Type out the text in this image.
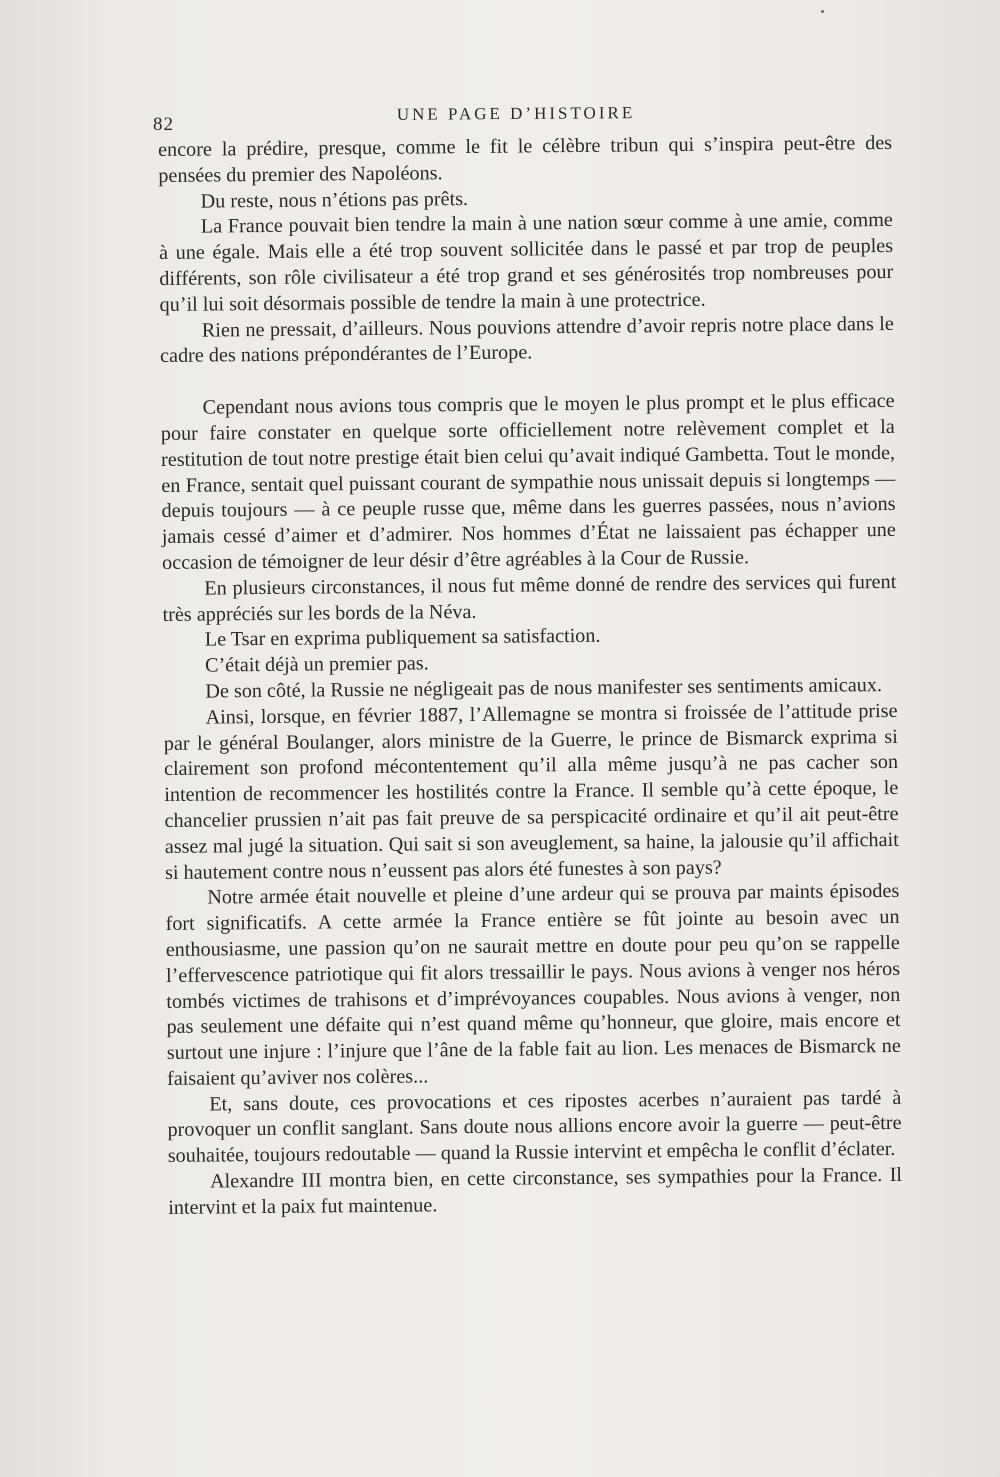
82
UNE PAGE D’HISTOIRE

encore la prédire, presque, comme le fit le célèbre tribun qui s’inspira peut-être des pensées du premier des Napoléons.

Du reste, nous n’étions pas prêts.

La France pouvait bien tendre la main à une nation sœur comme à une amie, comme à une égale. Mais elle a été trop souvent sollicitée dans le passé et par trop de peuples différents, son rôle civilisateur a été trop grand et ses générosités trop nombreuses pour qu’il lui soit désormais possible de tendre la main à une protectrice.

Rien ne pressait, d’ailleurs. Nous pouvions attendre d’avoir repris notre place dans le cadre des nations prépondérantes de l’Europe.

Cependant nous avions tous compris que le moyen le plus prompt et le plus efficace pour faire constater en quelque sorte officiellement notre relèvement complet et la restitution de tout notre prestige était bien celui qu’avait indiqué Gambetta. Tout le monde, en France, sentait quel puissant courant de sympathie nous unissait depuis si longtemps — depuis toujours — à ce peuple russe que, même dans les guerres passées, nous n’avions jamais cessé d’aimer et d’admirer. Nos hommes d’État ne laissaient pas échapper une occasion de témoigner de leur désir d’être agréables à la Cour de Russie.

En plusieurs circonstances, il nous fut même donné de rendre des services qui furent très appréciés sur les bords de la Néva.

Le Tsar en exprima publiquement sa satisfaction.

C’était déjà un premier pas.

De son côté, la Russie ne négligeait pas de nous manifester ses sentiments amicaux.

Ainsi, lorsque, en février 1887, l’Allemagne se montra si froissée de l’attitude prise par le général Boulanger, alors ministre de la Guerre, le prince de Bismarck exprima si clairement son profond mécontentement qu’il alla même jusqu’à ne pas cacher son intention de recommencer les hostilités contre la France. Il semble qu’à cette époque, le chancelier prussien n’ait pas fait preuve de sa perspicacité ordinaire et qu’il ait peut-être assez mal jugé la situation. Qui sait si son aveuglement, sa haine, la jalousie qu’il affichait si hautement contre nous n’eussent pas alors été funestes à son pays?

Notre armée était nouvelle et pleine d’une ardeur qui se prouva par maints épisodes fort significatifs. A cette armée la France entière se fût jointe au besoin avec un enthousiasme, une passion qu’on ne saurait mettre en doute pour peu qu’on se rappelle l’effervescence patriotique qui fit alors tressaillir le pays. Nous avions à venger nos héros tombés victimes de trahisons et d’imprévoyances coupables. Nous avions à venger, non pas seulement une défaite qui n’est quand même qu’honneur, que gloire, mais encore et surtout une injure : l’injure que l’âne de la fable fait au lion. Les menaces de Bismarck ne faisaient qu’aviver nos colères...

Et, sans doute, ces provocations et ces ripostes acerbes n’auraient pas tardé à provoquer un conflit sanglant. Sans doute nous allions encore avoir la guerre — peut-être souhaitée, toujours redoutable — quand la Russie intervint et empêcha le conflit d’éclater.

Alexandre III montra bien, en cette circonstance, ses sympathies pour la France. Il intervint et la paix fut maintenue.
